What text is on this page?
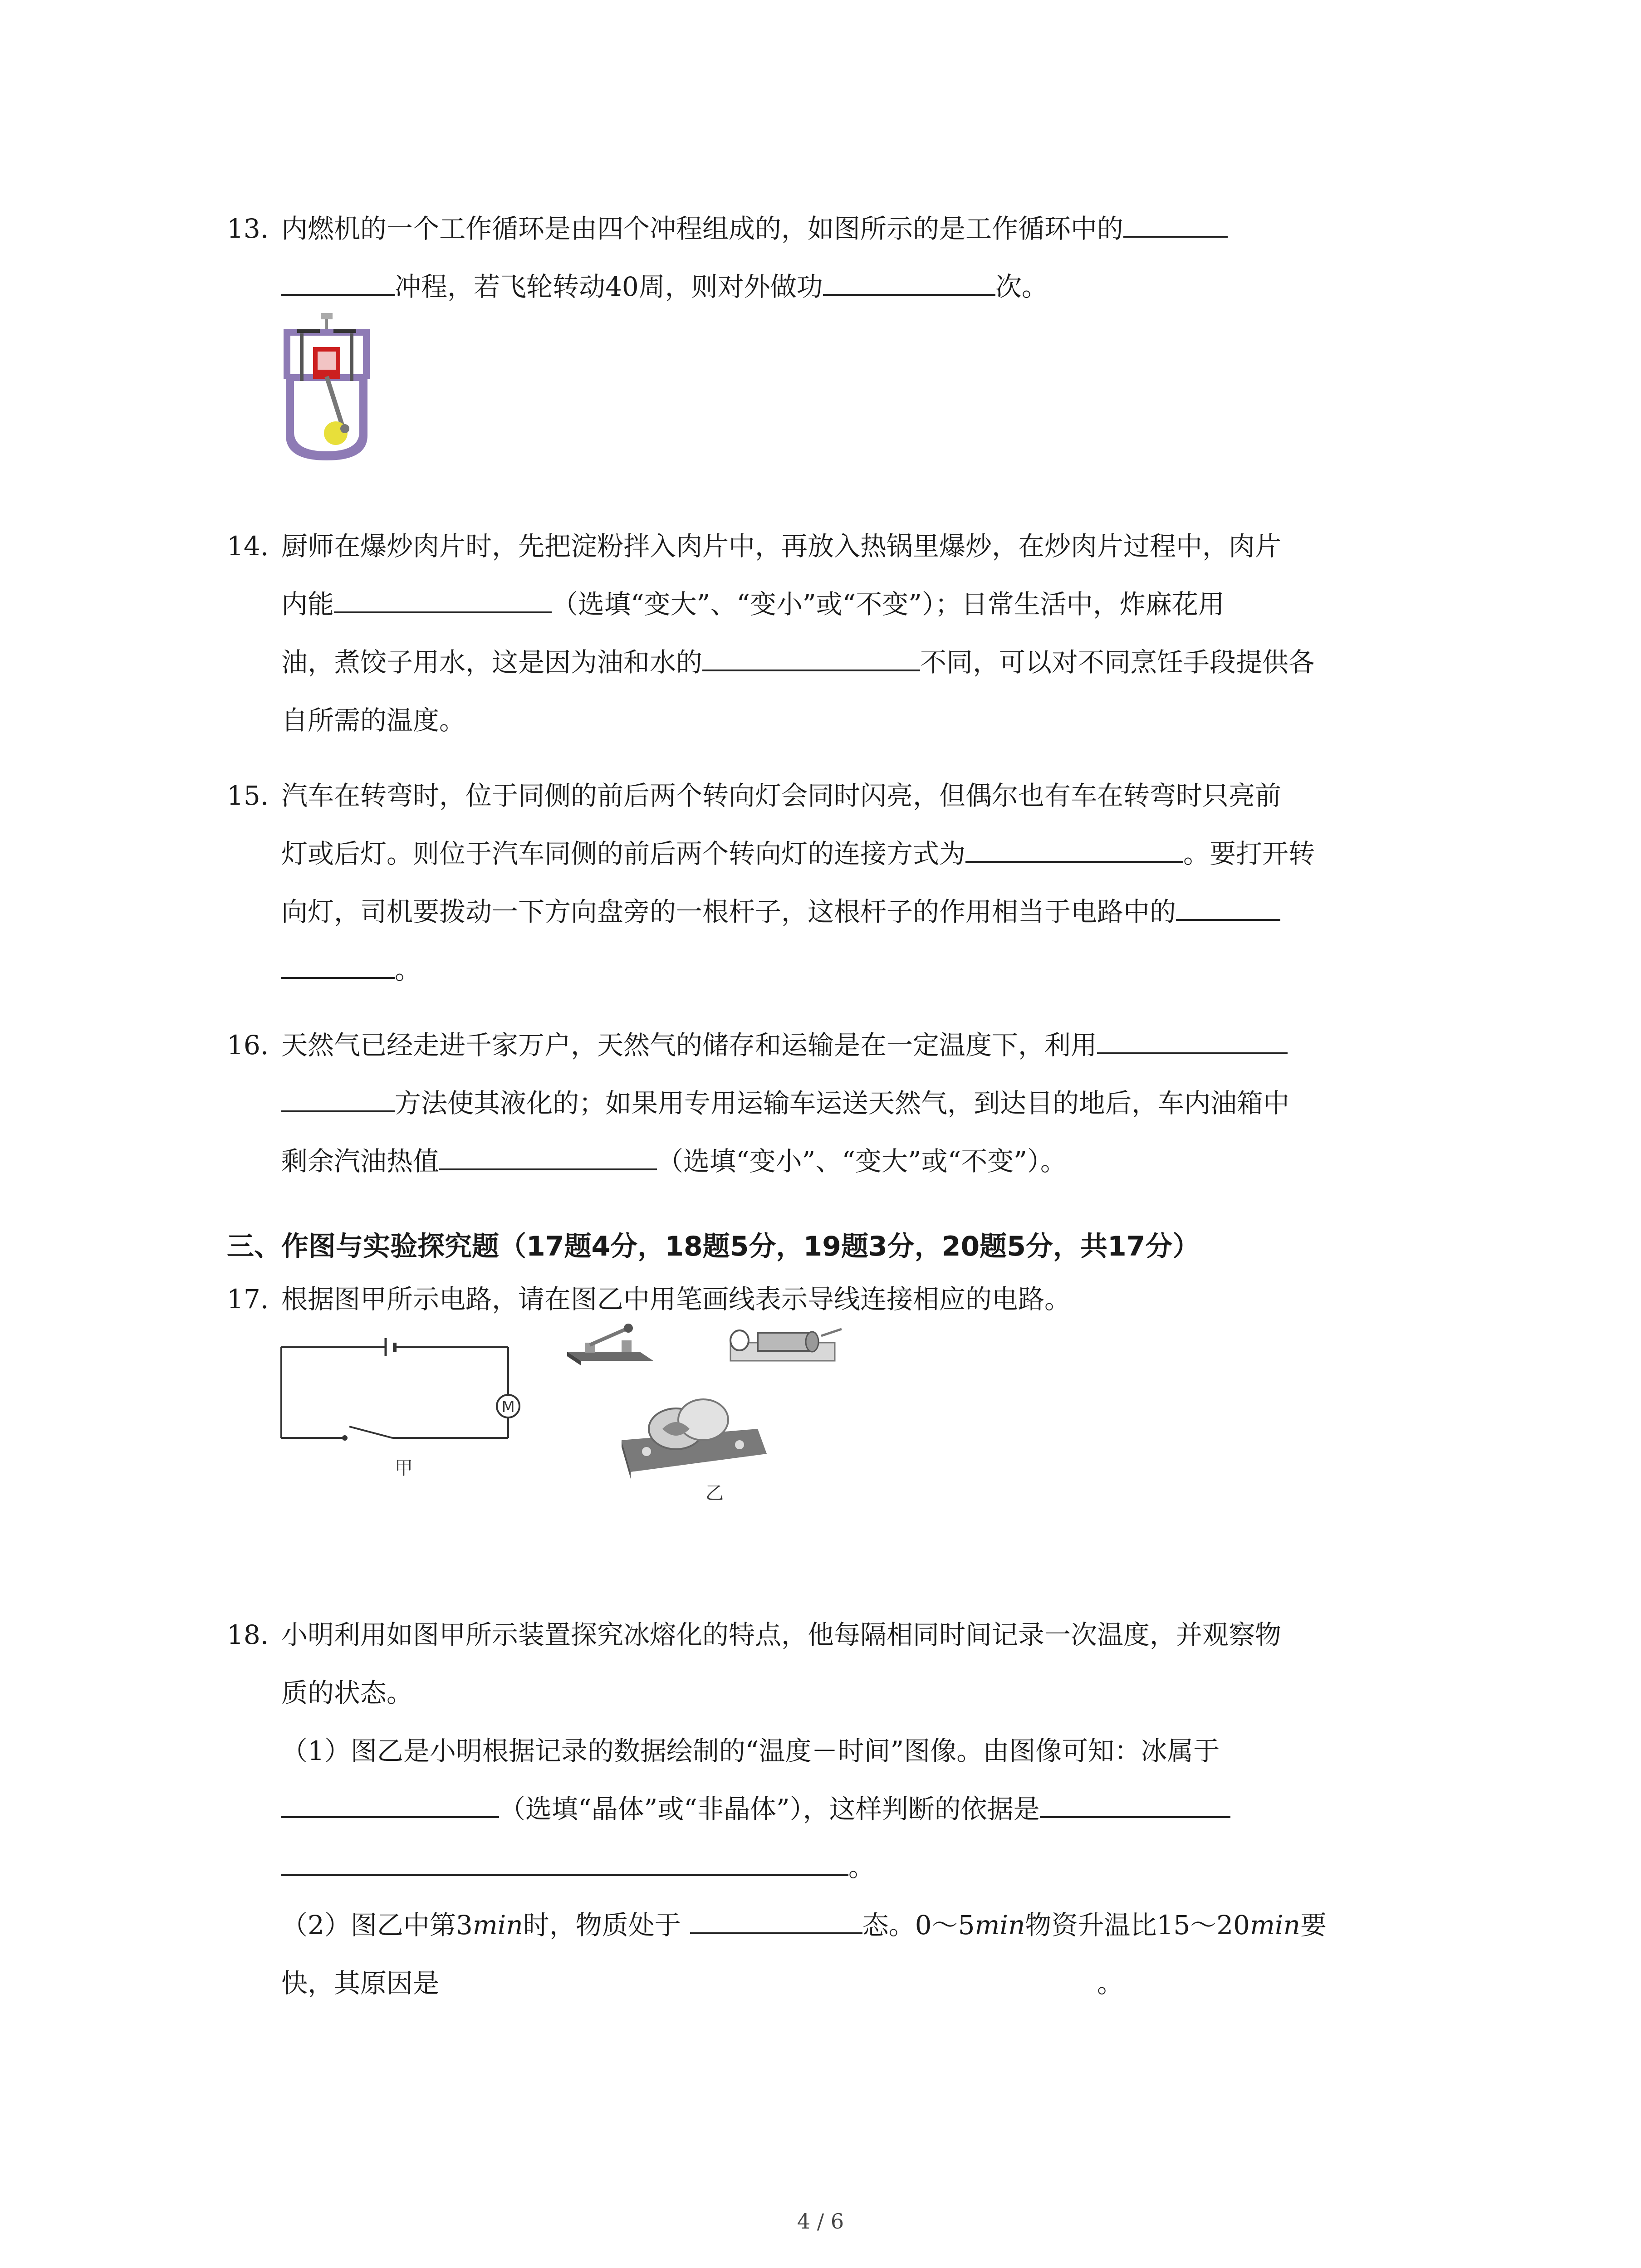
13. 内燃机的一个工作循环是由四个冲程组成的，如图所示的是工作循环中的
冲程，若飞轮转动40周，则对外做功	次。
14. 厨师在爆炒肉片时，先把淀粉拌入肉片中，再放入热锅里爆炒，在炒肉片过程中，肉片
内能	（选填“变大”、“变小”或“不变”）；日常生活中，炸麻花用
油，煮饺子用水，这是因为油和水的	不同，可以对不同烹饪手段提供各
自所需的温度。
15. 汽车在转弯时，位于同侧的前后两个转向灯会同时闪亮，但偶尔也有车在转弯时只亮前
灯或后灯。则位于汽车同侧的前后两个转向灯的连接方式为	。要打开转
向灯，司机要拨动一下方向盘旁的一根杆子，这根杆子的作用相当于电路中的
。
16. 天然气已经走进千家万户，天然气的储存和运输是在一定温度下，利用
方法使其液化的；如果用专用运输车运送天然气，到达目的地后，车内油箱中
剩余汽油热值	（选填“变小”、“变大”或“不变”）。
三、作图与实验探究题（17题4分，18题5分，19题3分，20题5分，共17分）
17. 根据图甲所示电路，请在图乙中用笔画线表示导线连接相应的电路。
M
甲
乙
18. 小明利用如图甲所示装置探究冰熔化的特点，他每隔相同时间记录一次温度，并观察物
质的状态。
（1）图乙是小明根据记录的数据绘制的“温度－时间”图像。由图像可知：冰属于
（选填“晶体”或“非晶体”），这样判断的依据是
。
（2）图乙中第3min时，物质处于	态。0～5min物资升温比15～20min要
快，其原因是	。
4 / 6
